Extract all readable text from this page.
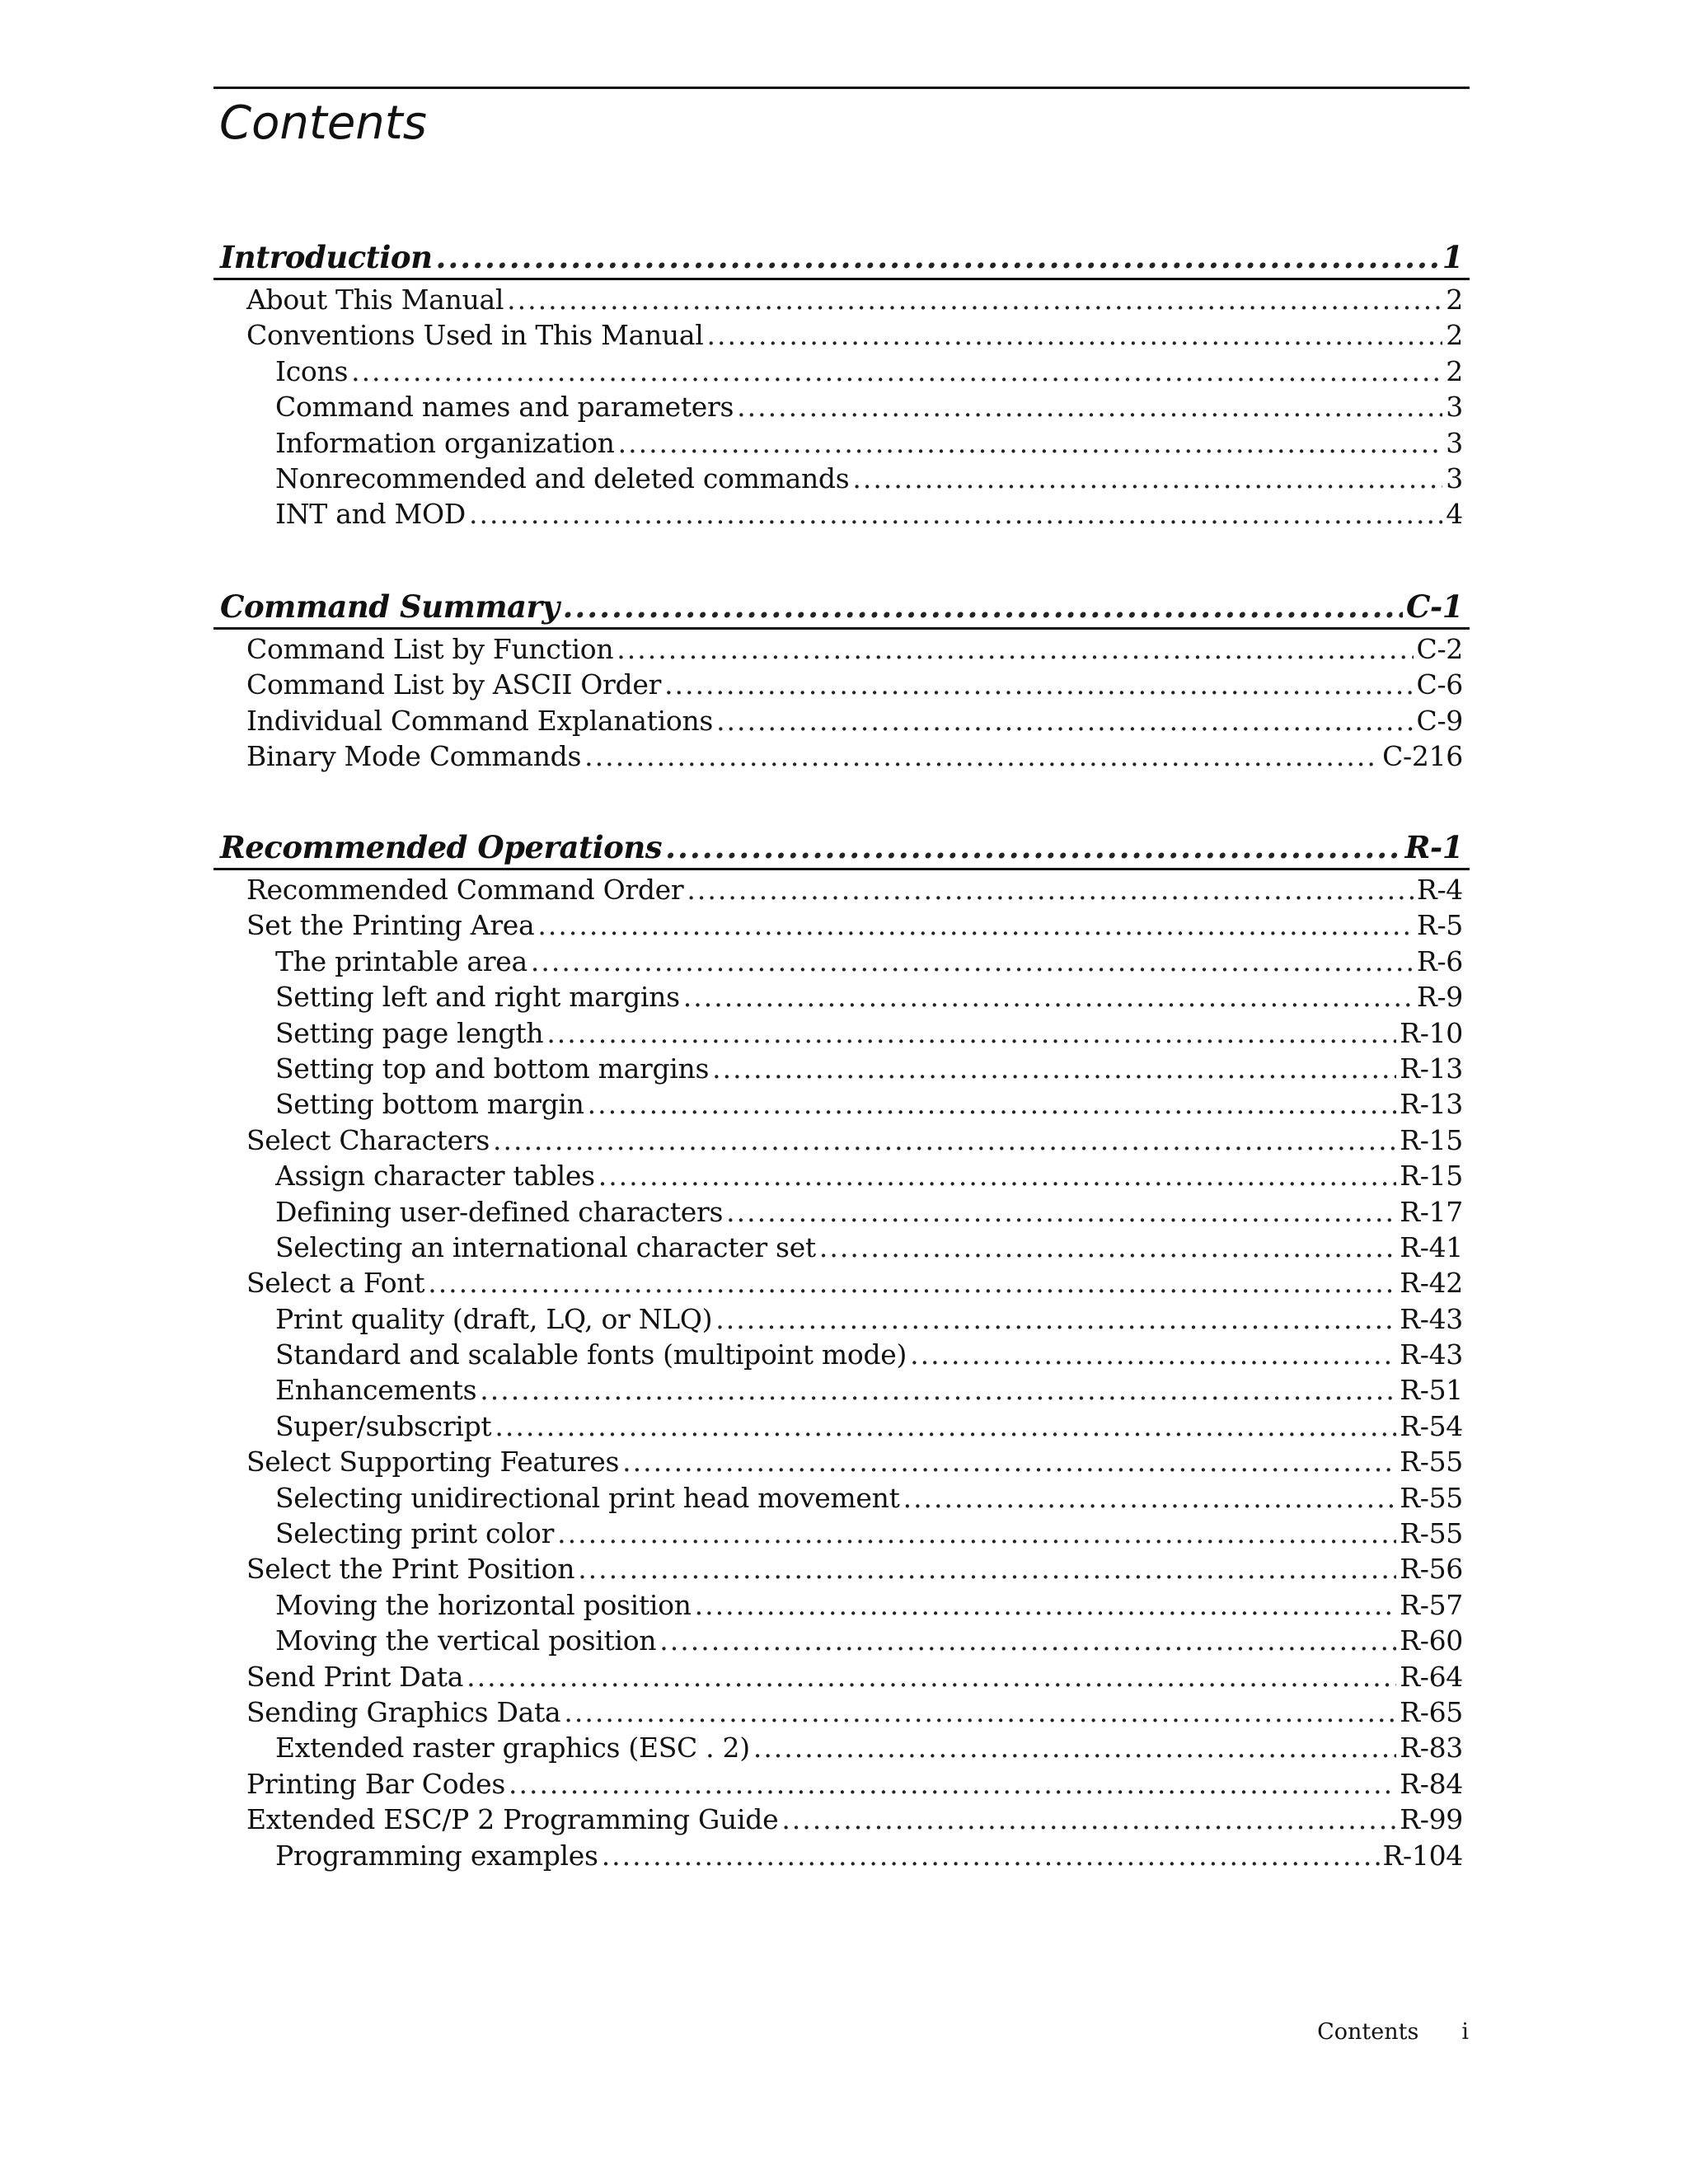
Contents
Introduction .....	1
About This Manual .....	2
Conventions Used in This Manual .....	2
Icons .....	2
Command names and parameters .....	3
Information organization .....	3
Nonrecommended and deleted commands .....	3
INT and MOD .....	4
Command Summary .....	C-1
Command List by Function .....	C-2
Command List by ASCII Order .....	C-6
Individual Command Explanations .....	C-9
Binary Mode Commands .....	C-216
Recommended Operations .....	R-1
Recommended Command Order .....	R-4
Set the Printing Area .....	R-5
The printable area .....	R-6
Setting left and right margins .....	R-9
Setting page length .....	R-10
Setting top and bottom margins .....	R-13
Setting bottom margin .....	R-13
Select Characters .....	R-15
Assign character tables .....	R-15
Defining user-defined characters .....	R-17
Selecting an international character set .....	R-41
Select a Font .....	R-42
Print quality (draft, LQ, or NLQ) .....	R-43
Standard and scalable fonts (multipoint mode) .....	R-43
Enhancements .....	R-51
Super/subscript .....	R-54
Select Supporting Features .....	R-55
Selecting unidirectional print head movement .....	R-55
Selecting print color .....	R-55
Select the Print Position .....	R-56
Moving the horizontal position .....	R-57
Moving the vertical position .....	R-60
Send Print Data .....	R-64
Sending Graphics Data .....	R-65
Extended raster graphics (ESC . 2) .....	R-83
Printing Bar Codes .....	R-84
Extended ESC/P 2 Programming Guide .....	R-99
Programming examples .....	R-104
Contents i
